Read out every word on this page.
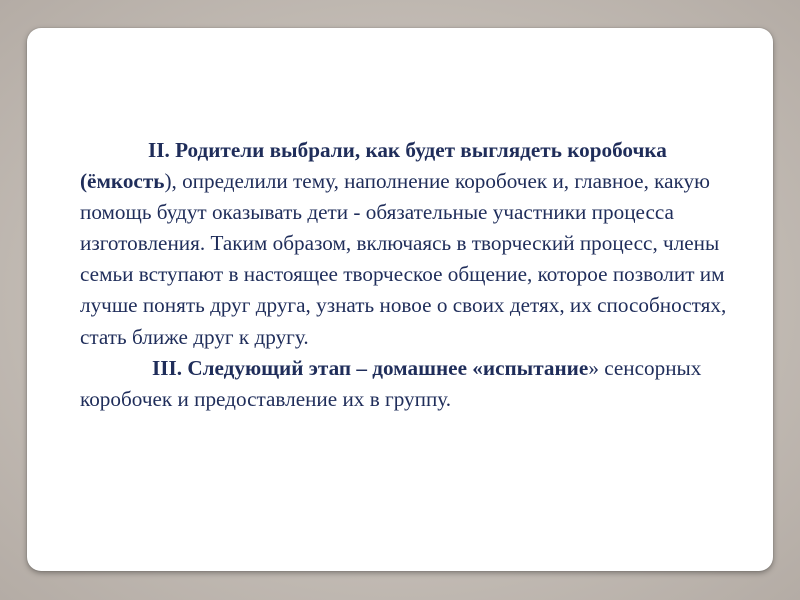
II. Родители выбрали, как будет выглядеть коробочка (ёмкость), определили тему, наполнение коробочек и, главное, какую помощь будут оказывать дети - обязательные участники процесса изготовления. Таким образом, включаясь в творческий процесс, члены семьи вступают в настоящее творческое общение, которое позволит им лучше понять друг друга, узнать новое о своих детях, их способностях, стать ближе друг к другу.

III. Следующий этап – домашнее «испытание» сенсорных коробочек и предоставление их в группу.
